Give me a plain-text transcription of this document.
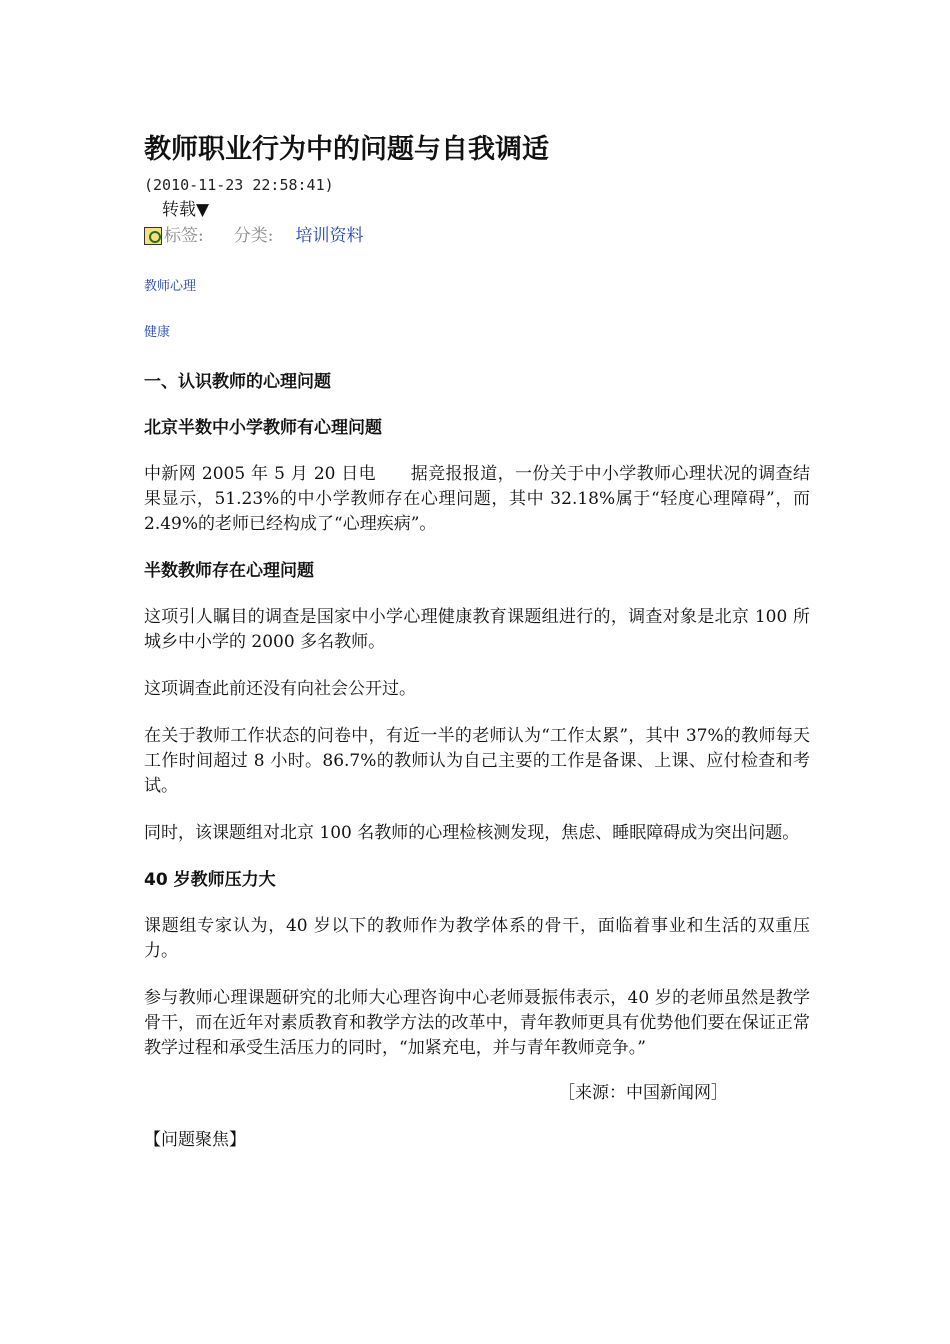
教师职业行为中的问题与自我调适
(2010-11-23 22:58:41)
转载▼
标签: 分类: 培训资料
教师心理
健康

一、认识教师的心理问题

北京半数中小学教师有心理问题

中新网 2005 年 5 月 20 日电　　据竞报报道，一份关于中小学教师心理状况的调查结果显示，51.23%的中小学教师存在心理问题，其中 32.18%属于“轻度心理障碍”，而 2.49%的老师已经构成了“心理疾病”。

半数教师存在心理问题

这项引人瞩目的调查是国家中小学心理健康教育课题组进行的，调查对象是北京 100 所城乡中小学的 2000 多名教师。

这项调查此前还没有向社会公开过。

在关于教师工作状态的问卷中，有近一半的老师认为“工作太累”，其中 37%的教师每天工作时间超过 8 小时。86.7%的教师认为自己主要的工作是备课、上课、应付检查和考试。

同时，该课题组对北京 100 名教师的心理检核测发现，焦虑、睡眠障碍成为突出问题。

40 岁教师压力大

课题组专家认为，40 岁以下的教师作为教学体系的骨干，面临着事业和生活的双重压力。

参与教师心理课题研究的北师大心理咨询中心老师聂振伟表示，40 岁的老师虽然是教学骨干，而在近年对素质教育和教学方法的改革中，青年教师更具有优势他们要在保证正常教学过程和承受生活压力的同时，“加紧充电，并与青年教师竞争。”

［来源：中国新闻网］
【问题聚焦】
